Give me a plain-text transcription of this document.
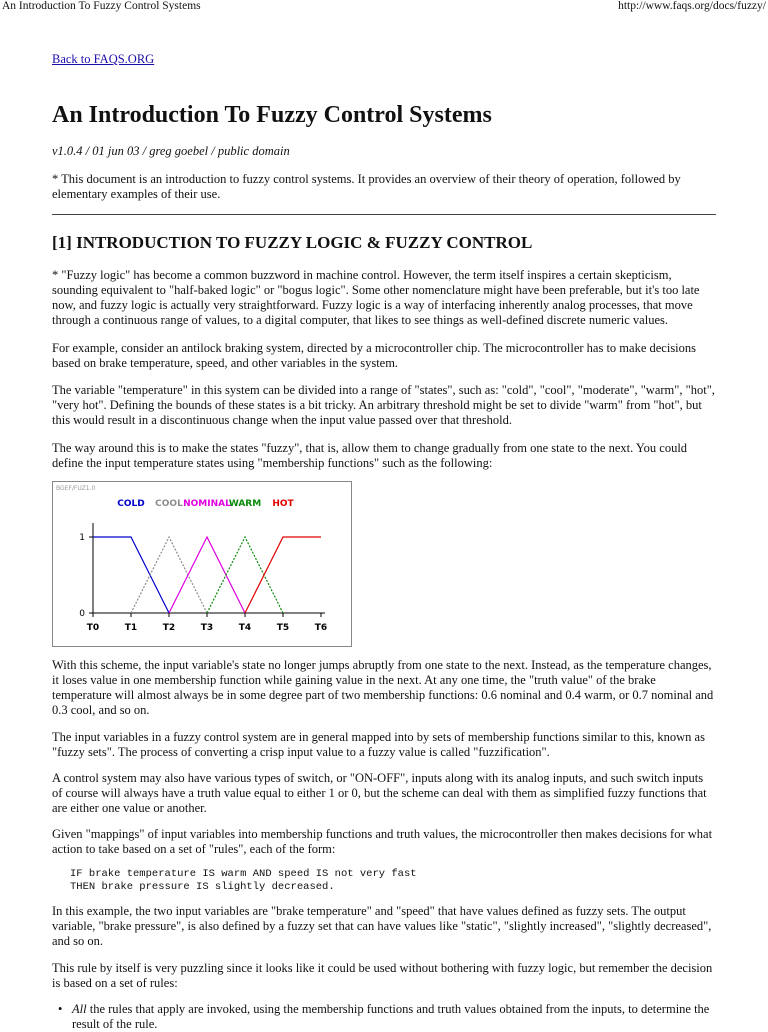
An Introduction To Fuzzy Control Systems	http://www.faqs.org/docs/fuzzy/
Back to FAQS.ORG
An Introduction To Fuzzy Control Systems
v1.0.4 / 01 jun 03 / greg goebel / public domain

* This document is an introduction to fuzzy control systems. It provides an overview of their theory of operation, followed by elementary examples of their use.

[1] INTRODUCTION TO FUZZY LOGIC & FUZZY CONTROL

* "Fuzzy logic" has become a common buzzword in machine control. However, the term itself inspires a certain skepticism, sounding equivalent to "half-baked logic" or "bogus logic". Some other nomenclature might have been preferable, but it's too late now, and fuzzy logic is actually very straightforward. Fuzzy logic is a way of interfacing inherently analog processes, that move through a continuous range of values, to a digital computer, that likes to see things as well-defined discrete numeric values.

For example, consider an antilock braking system, directed by a microcontroller chip. The microcontroller has to make decisions based on brake temperature, speed, and other variables in the system.

The variable "temperature" in this system can be divided into a range of "states", such as: "cold", "cool", "moderate", "warm", "hot", "very hot". Defining the bounds of these states is a bit tricky. An arbitrary threshold might be set to divide "warm" from "hot", but this would result in a discontinuous change when the input value passed over that threshold.

The way around this is to make the states "fuzzy", that is, allow them to change gradually from one state to the next. You could define the input temperature states using "membership functions" such as the following:

BGEF/FUZ1.0
1
0
T0	T1	T2	T3	T4	T5	T6
COLD COOL NOMINAL
WARM HOT

With this scheme, the input variable's state no longer jumps abruptly from one state to the next. Instead, as the temperature changes, it loses value in one membership function while gaining value in the next. At any one time, the "truth value" of the brake temperature will almost always be in some degree part of two membership functions: 0.6 nominal and 0.4 warm, or 0.7 nominal and 0.3 cool, and so on.

The input variables in a fuzzy control system are in general mapped into by sets of membership functions similar to this, known as "fuzzy sets". The process of converting a crisp input value to a fuzzy value is called "fuzzification".

A control system may also have various types of switch, or "ON-OFF", inputs along with its analog inputs, and such switch inputs of course will always have a truth value equal to either 1 or 0, but the scheme can deal with them as simplified fuzzy functions that are either one value or another.

Given "mappings" of input variables into membership functions and truth values, the microcontroller then makes decisions for what action to take based on a set of "rules", each of the form:

IF brake temperature IS warm AND speed IS not very fast
THEN brake pressure IS slightly decreased.

In this example, the two input variables are "brake temperature" and "speed" that have values defined as fuzzy sets. The output variable, "brake pressure", is also defined by a fuzzy set that can have values like "static", "slightly increased", "slightly decreased", and so on.

This rule by itself is very puzzling since it looks like it could be used without bothering with fuzzy logic, but remember the decision is based on a set of rules:

• All the rules that apply are invoked, using the membership functions and truth values obtained from the inputs, to determine the result of the rule.
